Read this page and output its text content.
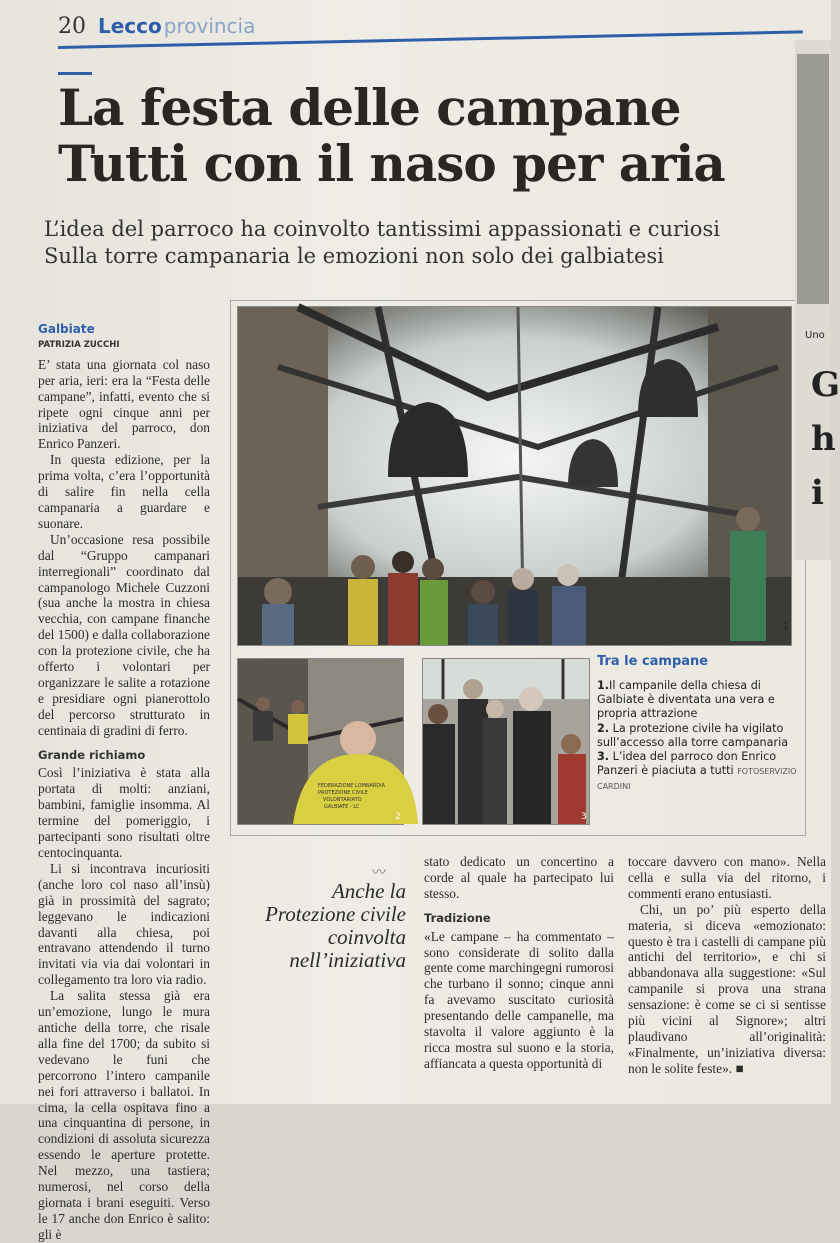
20 Lecco provincia
La festa delle campane
Tutti con il naso per aria
L’idea del parroco ha coinvolto tantissimi appassionati e curiosi
Sulla torre campanaria le emozioni non solo dei galbiatesi
Galbiate
PATRIZIA ZUCCHI

E’ stata una giornata col naso per aria, ieri: era la “Festa delle campane”, infatti, evento che si ripete ogni cinque anni per iniziativa del parroco, don Enrico Panzeri.

In questa edizione, per la prima volta, c’era l’opportunità di salire fin nella cella campanaria a guardare e suonare.

Un’occasione resa possibile dal “Gruppo campanari interregionali” coordinato dal campanologo Michele Cuzzoni (sua anche la mostra in chiesa vecchia, con campane finanche del 1500) e dalla collaborazione con la protezione civile, che ha offerto i volontari per organizzare le salite a rotazione e presidiare ogni pianerottolo del percorso strutturato in centinaia di gradini di ferro.

Grande richiamo

Così l’iniziativa è stata alla portata di molti: anziani, bambini, famiglie insomma. Al termine del pomeriggio, i partecipanti sono risultati oltre centocinquanta.

Li si incontrava incuriositi (anche loro col naso all’insù) già in prossimità del sagrato; leggevano le indicazioni davanti alla chiesa, poi entravano attendendo il turno invitati via via dai volontari in collegamento tra loro via radio.

La salita stessa già era un’emozione, lungo le mura antiche della torre, che risale alla fine del 1700; da subito si vedevano le funi che percorrono l’intero campanile nei fori attraverso i ballatoi. In cima, la cella ospitava fino a una cinquantina di persone, in condizioni di assoluta sicurezza essendo le aperture protette. Nel mezzo, una tastiera; numerosi, nel corso della giornata i brani eseguiti. Verso le 17 anche don Enrico è salito: gli è

1
FEDERAZIONE LOMBARDIA PROTEZIONE CIVILE VOLONTARIATO GALBIATE - LC
2	3
Tra le campane
1.Il campanile della chiesa di Galbiate è diventata una vera e propria attrazione
2. La protezione civile ha vigilato sull’accesso alla torre campanaria
3. L’idea del parroco don Enrico Panzeri è piaciuta a tutti FOTOSERVIZIO CARDINI
〰
Anche la Protezione civile coinvolta nell’iniziativa
stato dedicato un concertino a corde al quale ha partecipato lui stesso.
Tradizione
«Le campane – ha commentato – sono considerate di solito dalla gente come marchingegni rumorosi che turbano il sonno; cinque anni fa avevamo suscitato curiosità presentando delle campanelle, ma stavolta il valore aggiunto è la ricca mostra sul suono e la storia, affiancata a questa opportunità di
toccare davvero con mano». Nella cella e sulla via del ritorno, i commenti erano entusiasti.

Chi, un po’ più esperto della materia, si diceva «emozionato: questo è tra i castelli di campane più antichi del territorio», e chi si abbandonava alla suggestione: «Sul campanile si prova una strana sensazione: è come se ci si sentisse più vicini al Signore»; altri plaudivano all’originalità: «Finalmente, un’iniziativa diversa: non le solite feste». ■

Uno
G
h
i
